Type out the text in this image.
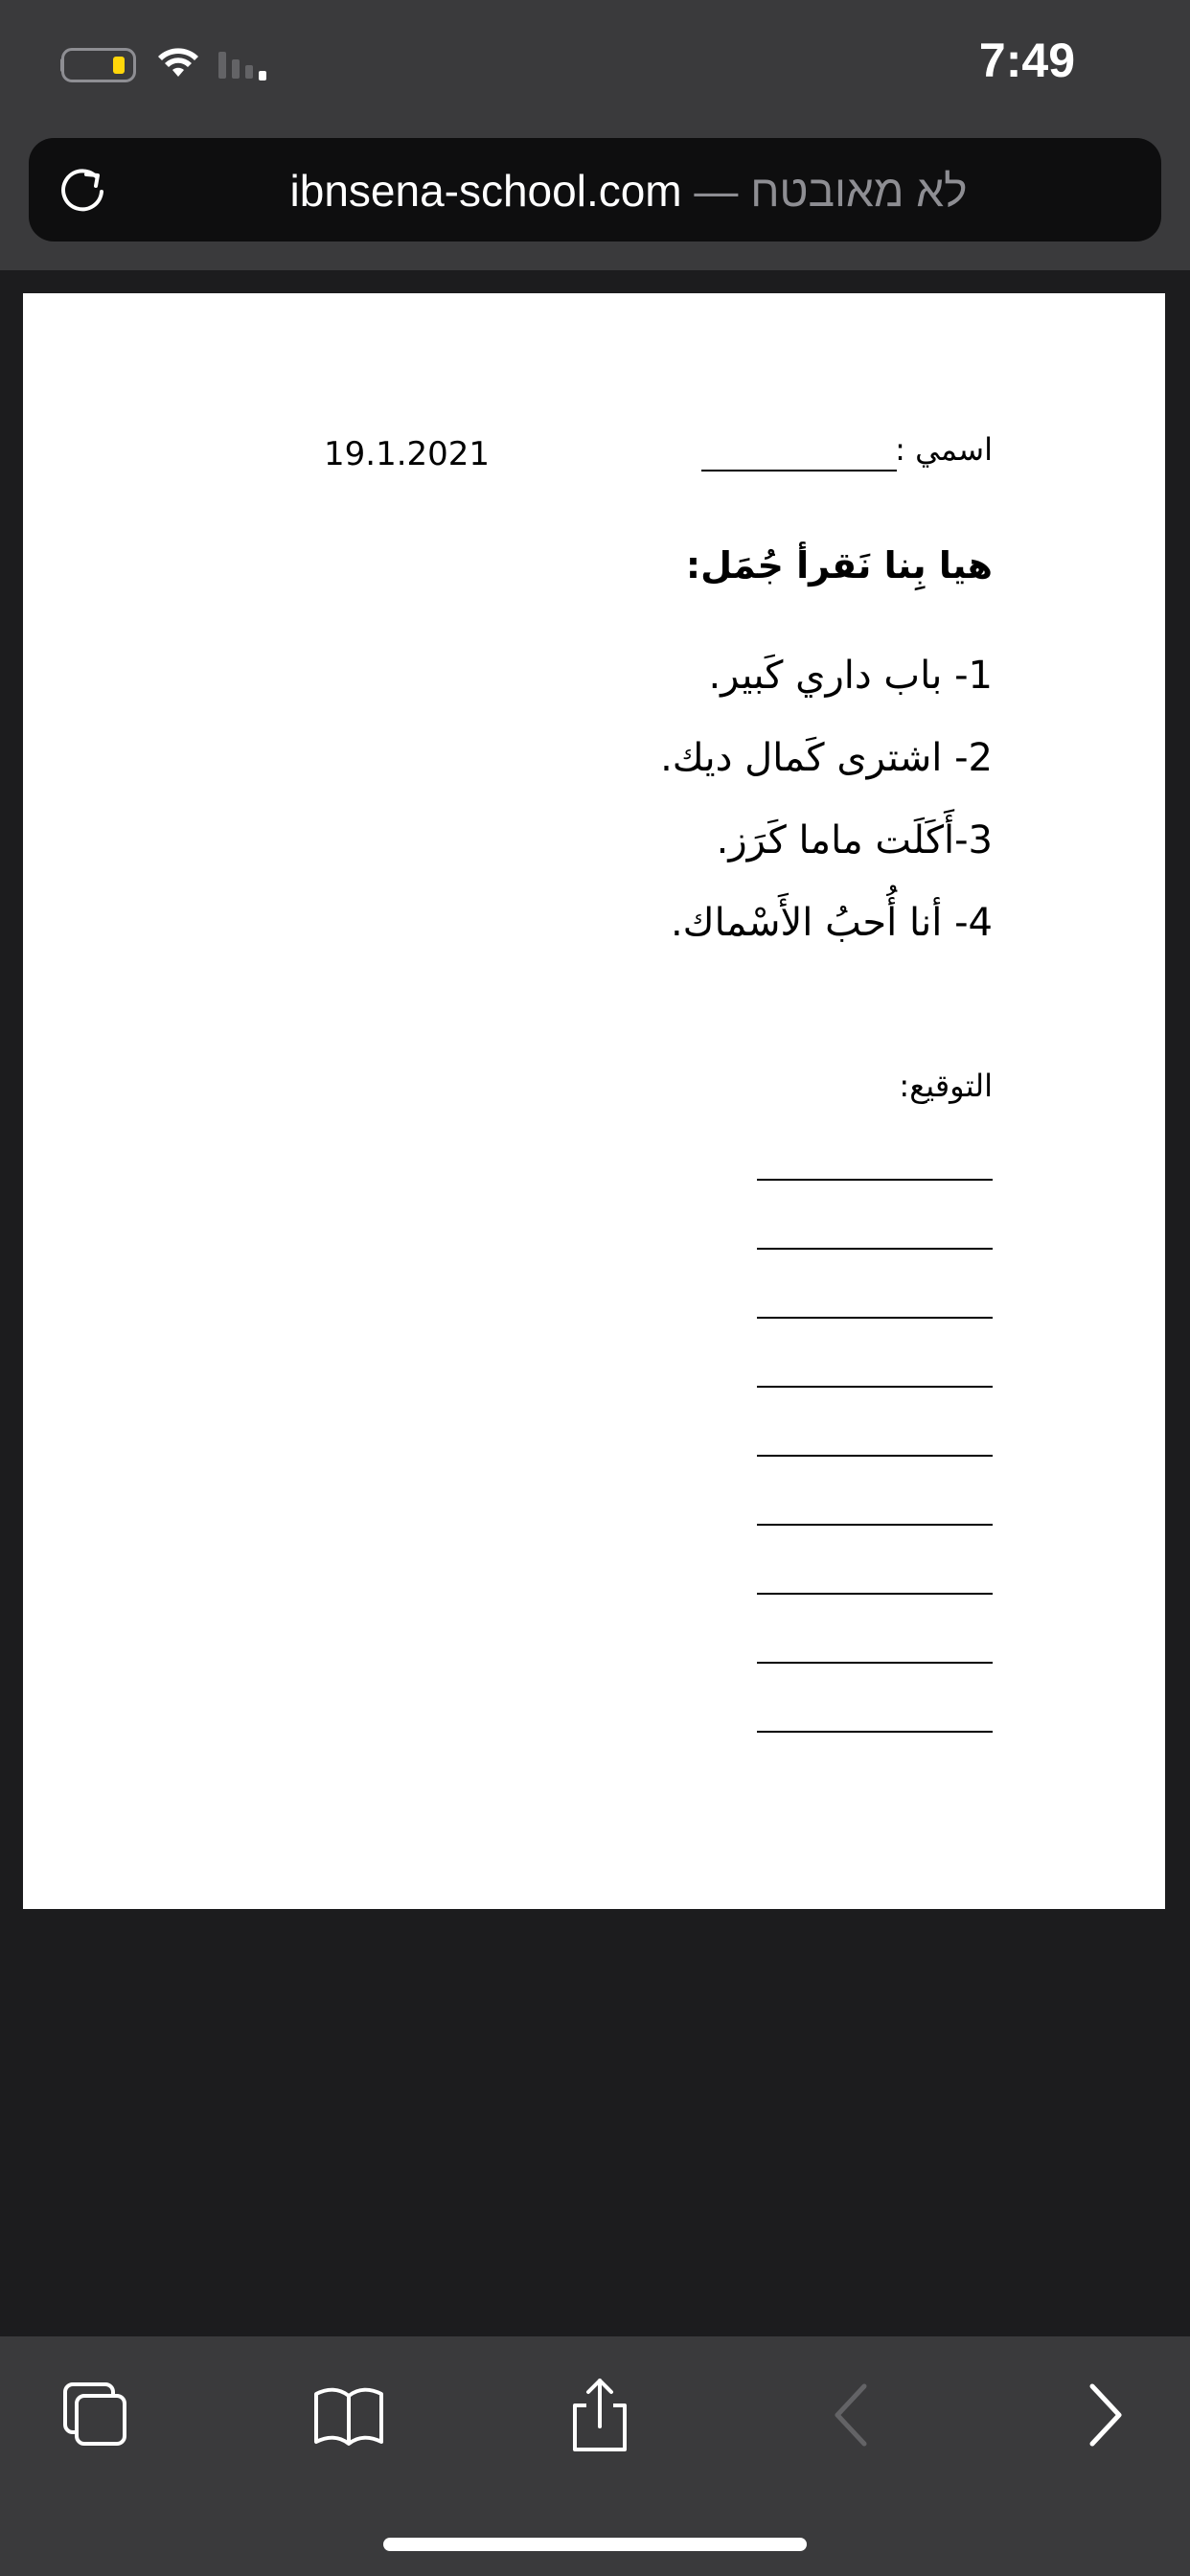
7:49
ibnsena-school.com — לא מאובטח
19.1.2021	اسمي :
هيا بِنا نَقرأ جُمَل:
1- باب داري كَبير.
2- اشترى كَمال ديك.
3-أَكَلَت ماما كَرَز.
4- أنا أُحبُ الأَسْماك.
التوقيع:
